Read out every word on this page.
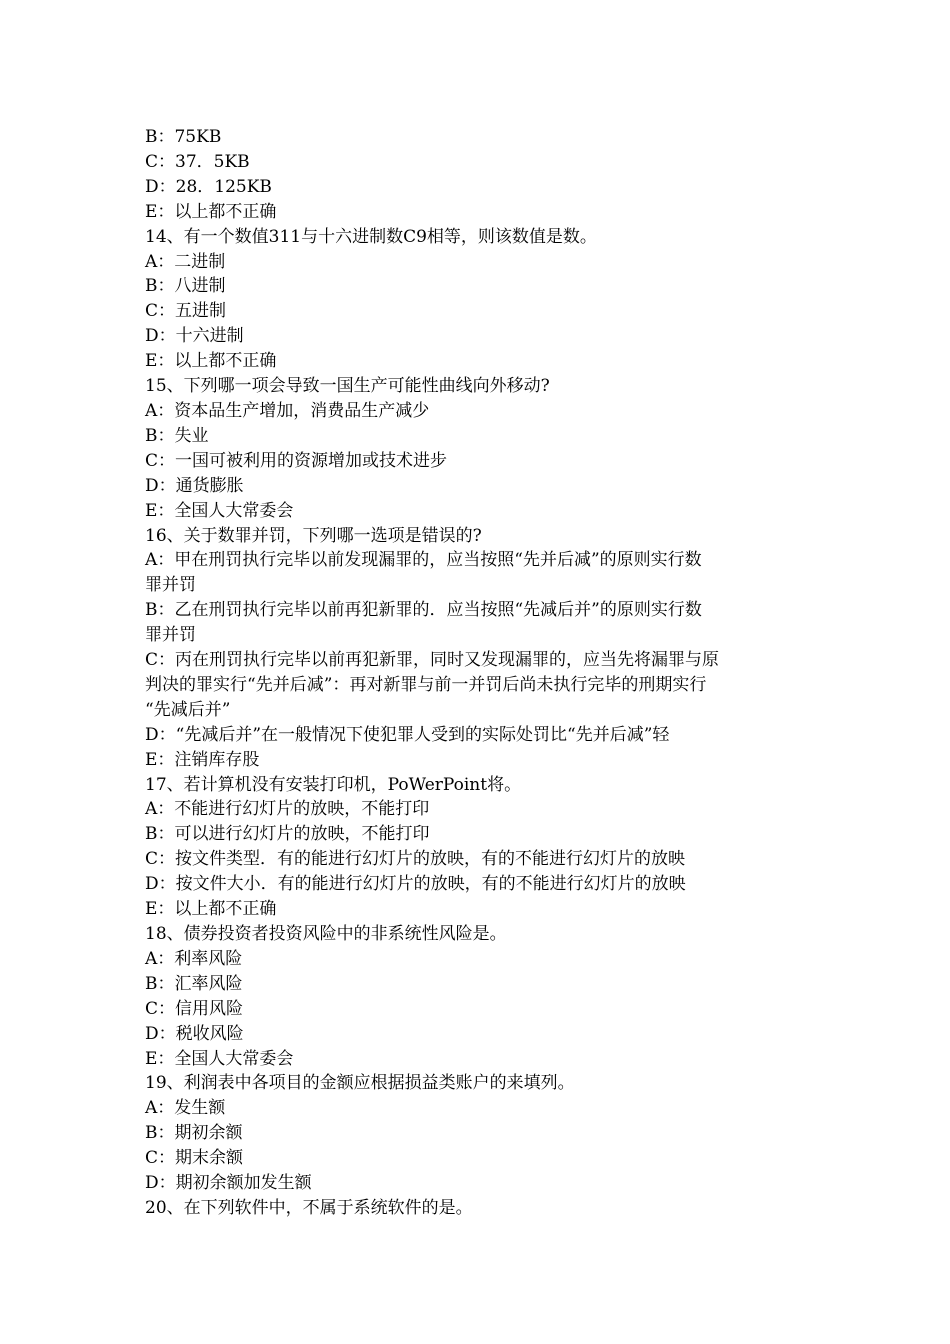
B：75KB

C：37．5KB

D：28．125KB

E：以上都不正确

14、有一个数值311与十六进制数C9相等，则该数值是数。

A：二进制

B：八进制

C：五进制

D：十六进制

E：以上都不正确

15、下列哪一项会导致一国生产可能性曲线向外移动?

A：资本品生产增加，消费品生产减少

B：失业

C：一国可被利用的资源增加或技术进步

D：通货膨胀

E：全国人大常委会

16、关于数罪并罚，下列哪一选项是错误的?

A：甲在刑罚执行完毕以前发现漏罪的，应当按照“先并后减”的原则实行数

罪并罚

B：乙在刑罚执行完毕以前再犯新罪的．应当按照“先减后并”的原则实行数

罪并罚

C：丙在刑罚执行完毕以前再犯新罪，同时又发现漏罪的，应当先将漏罪与原

判决的罪实行“先并后减”：再对新罪与前一并罚后尚未执行完毕的刑期实行

“先减后并”

D：“先减后并”在一般情况下使犯罪人受到的实际处罚比“先并后减”轻

E：注销库存股

17、若计算机没有安装打印机，PoWerPoint将。

A：不能进行幻灯片的放映，不能打印

B：可以进行幻灯片的放映，不能打印

C：按文件类型．有的能进行幻灯片的放映，有的不能进行幻灯片的放映

D：按文件大小．有的能进行幻灯片的放映，有的不能进行幻灯片的放映

E：以上都不正确

18、债券投资者投资风险中的非系统性风险是。

A：利率风险

B：汇率风险

C：信用风险

D：税收风险

E：全国人大常委会

19、利润表中各项目的金额应根据损益类账户的来填列。

A：发生额

B：期初余额

C：期末余额

D：期初余额加发生额

20、在下列软件中，不属于系统软件的是。
